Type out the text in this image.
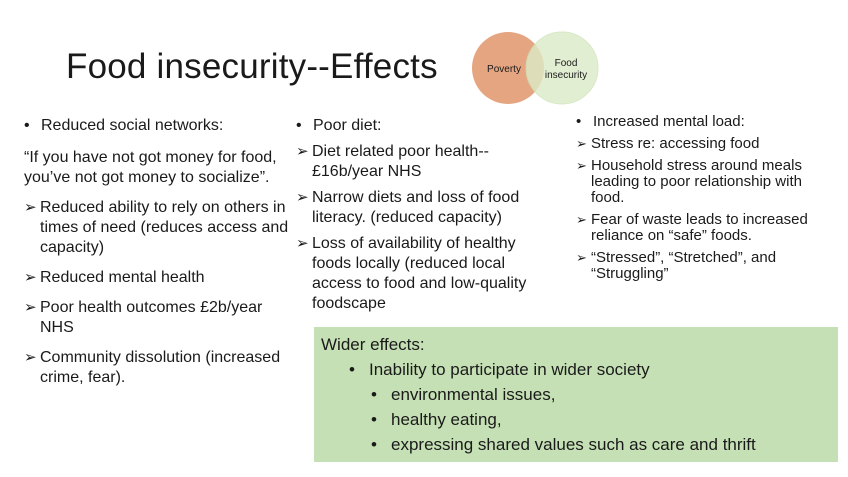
Food insecurity--Effects	Poverty
Food
insecurity
• Reduced social networks:
“If you have not got money for food, you’ve not got money to socialize”.
➢ Reduced ability to rely on others in times of need (reduces access and capacity)
➢ Reduced mental health
➢ Poor health outcomes £2b/year NHS
➢ Community dissolution (increased crime, fear).
• Poor diet:
➢ Diet related poor health--£16b/year NHS
➢ Narrow diets and loss of food literacy. (reduced capacity)
➢ Loss of availability of healthy foods locally (reduced local access to food and low-quality foodscape
• Increased mental load:
➢ Stress re: accessing food
➢ Household stress around meals leading to poor relationship with food.
➢ Fear of waste leads to increased reliance on “safe” foods.
➢ “Stressed”, “Stretched”, and “Struggling”
Wider effects:
• Inability to participate in wider society
• environmental issues,
• healthy eating,
• expressing shared values such as care and thrift
